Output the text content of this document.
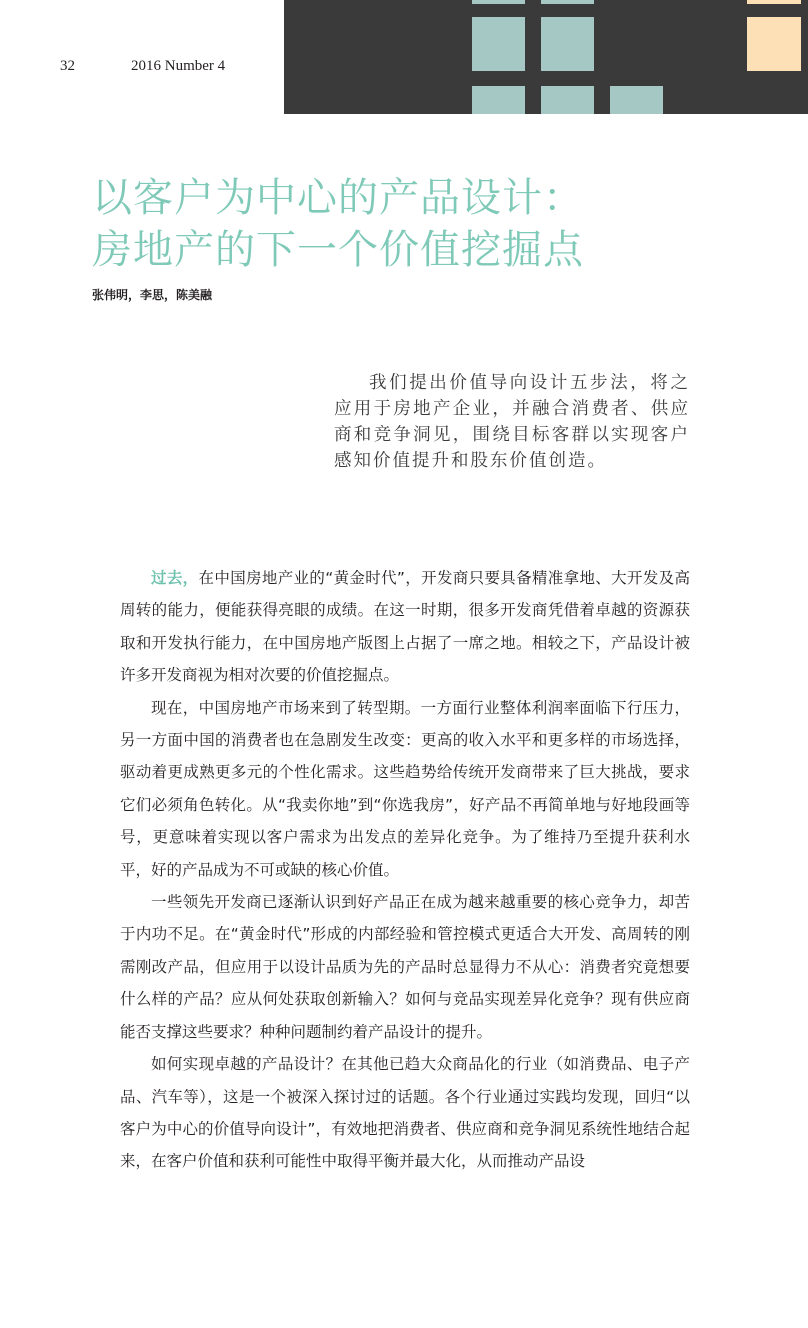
32	2016 Number 4
以客户为中心的产品设计：
房地产的下一个价值挖掘点
张伟明，李思，陈美融
我们提出价值导向设计五步法，将之应用于房地产企业，并融合消费者、供应商和竞争洞见，围绕目标客群以实现客户感知价值提升和股东价值创造。

过去，在中国房地产业的“黄金时代”，开发商只要具备精准拿地、大开发及高周转的能力，便能获得亮眼的成绩。在这一时期，很多开发商凭借着卓越的资源获取和开发执行能力，在中国房地产版图上占据了一席之地。相较之下，产品设计被许多开发商视为相对次要的价值挖掘点。

现在，中国房地产市场来到了转型期。一方面行业整体利润率面临下行压力，另一方面中国的消费者也在急剧发生改变：更高的收入水平和更多样的市场选择，驱动着更成熟更多元的个性化需求。这些趋势给传统开发商带来了巨大挑战，要求它们必须角色转化。从“我卖你地”到“你选我房”，好产品不再简单地与好地段画等号，更意味着实现以客户需求为出发点的差异化竞争。为了维持乃至提升获利水平，好的产品成为不可或缺的核心价值。

一些领先开发商已逐渐认识到好产品正在成为越来越重要的核心竞争力，却苦于内功不足。在“黄金时代”形成的内部经验和管控模式更适合大开发、高周转的刚需刚改产品，但应用于以设计品质为先的产品时总显得力不从心：消费者究竟想要什么样的产品？应从何处获取创新输入？如何与竞品实现差异化竞争？现有供应商能否支撑这些要求？种种问题制约着产品设计的提升。

如何实现卓越的产品设计？在其他已趋大众商品化的行业（如消费品、电子产品、汽车等），这是一个被深入探讨过的话题。各个行业通过实践均发现，回归“以客户为中心的价值导向设计”，有效地把消费者、供应商和竞争洞见系统性地结合起来，在客户价值和获利可能性中取得平衡并最大化，从而推动产品设
